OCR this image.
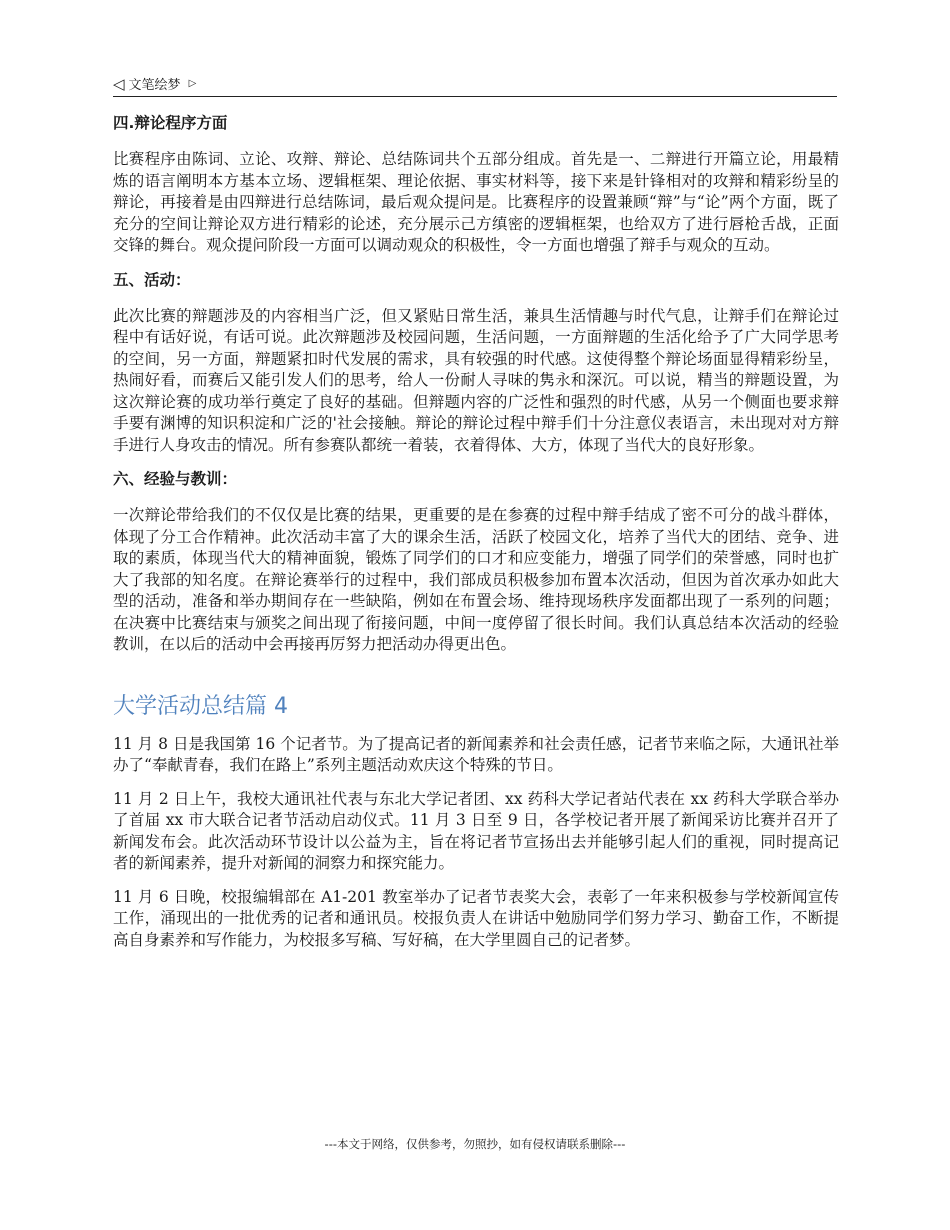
◁ 文笔绘梦 ▷
四.辩论程序方面

比赛程序由陈词、立论、攻辩、辩论、总结陈词共个五部分组成。首先是一、二辩进行开篇立论，用最精炼的语言阐明本方基本立场、逻辑框架、理论依据、事实材料等，接下来是针锋相对的攻辩和精彩纷呈的辩论，再接着是由四辩进行总结陈词，最后观众提问是。比赛程序的设置兼顾“辩”与“论”两个方面，既了充分的空间让辩论双方进行精彩的论述，充分展示己方缜密的逻辑框架，也给双方了进行唇枪舌战，正面交锋的舞台。观众提问阶段一方面可以调动观众的积极性，令一方面也增强了辩手与观众的互动。

五、活动：

此次比赛的辩题涉及的内容相当广泛，但又紧贴日常生活，兼具生活情趣与时代气息，让辩手们在辩论过程中有话好说，有话可说。此次辩题涉及校园问题，生活问题，一方面辩题的生活化给予了广大同学思考的空间，另一方面，辩题紧扣时代发展的需求，具有较强的时代感。这使得整个辩论场面显得精彩纷呈，热闹好看，而赛后又能引发人们的思考，给人一份耐人寻味的隽永和深沉。可以说，精当的辩题设置，为这次辩论赛的成功举行奠定了良好的基础。但辩题内容的广泛性和强烈的时代感，从另一个侧面也要求辩手要有渊博的知识积淀和广泛的'社会接触。辩论的辩论过程中辩手们十分注意仪表语言，未出现对对方辩手进行人身攻击的情况。所有参赛队都统一着装，衣着得体、大方，体现了当代大的良好形象。

六、经验与教训：

一次辩论带给我们的不仅仅是比赛的结果，更重要的是在参赛的过程中辩手结成了密不可分的战斗群体，体现了分工合作精神。此次活动丰富了大的课余生活，活跃了校园文化，培养了当代大的团结、竞争、进取的素质，体现当代大的精神面貌，锻炼了同学们的口才和应变能力，增强了同学们的荣誉感，同时也扩大了我部的知名度。在辩论赛举行的过程中，我们部成员积极参加布置本次活动，但因为首次承办如此大型的活动，准备和举办期间存在一些缺陷，例如在布置会场、维持现场秩序发面都出现了一系列的问题；在决赛中比赛结束与颁奖之间出现了衔接问题，中间一度停留了很长时间。我们认真总结本次活动的经验教训，在以后的活动中会再接再厉努力把活动办得更出色。

大学活动总结篇 4

11 月 8 日是我国第 16 个记者节。为了提高记者的新闻素养和社会责任感，记者节来临之际，大通讯社举办了“奉献青春，我们在路上”系列主题活动欢庆这个特殊的节日。

11 月 2 日上午，我校大通讯社代表与东北大学记者团、xx 药科大学记者站代表在 xx 药科大学联合举办了首届 xx 市大联合记者节活动启动仪式。11 月 3 日至 9 日，各学校记者开展了新闻采访比赛并召开了新闻发布会。此次活动环节设计以公益为主，旨在将记者节宣扬出去并能够引起人们的重视，同时提高记者的新闻素养，提升对新闻的洞察力和探究能力。

11 月 6 日晚，校报编辑部在 A1-201 教室举办了记者节表奖大会，表彰了一年来积极参与学校新闻宣传工作，涌现出的一批优秀的记者和通讯员。校报负责人在讲话中勉励同学们努力学习、勤奋工作，不断提高自身素养和写作能力，为校报多写稿、写好稿，在大学里圆自己的记者梦。

---本文于网络，仅供参考，勿照抄，如有侵权请联系删除---
